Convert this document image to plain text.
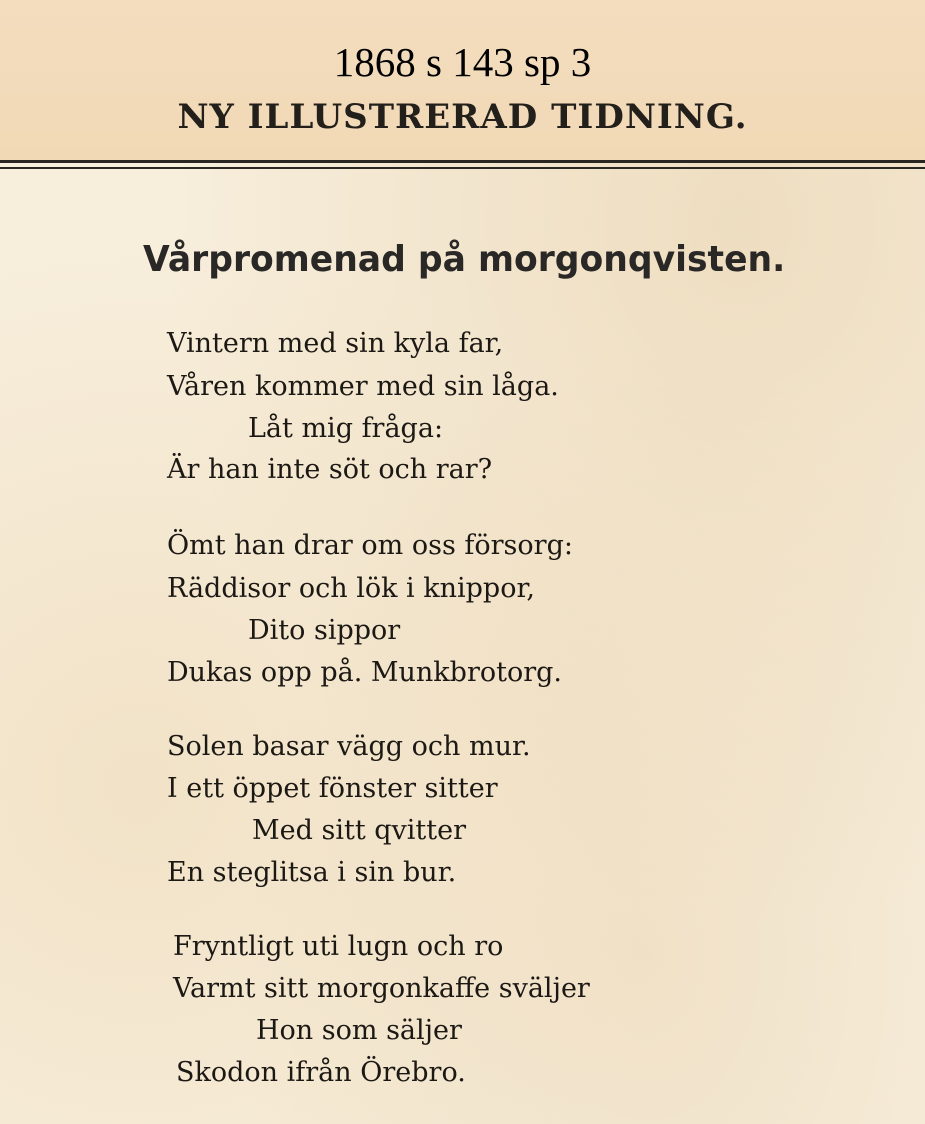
1868 s 143 sp 3
NY ILLUSTRERAD TIDNING.
Vårpromenad på morgonqvisten.
Vintern med sin kyla far,
Våren kommer med sin låga.
Låt mig fråga:
Är han inte söt och rar?
Ömt han drar om oss försorg:
Räddisor och lök i knippor,
Dito sippor
Dukas opp på. Munkbrotorg.
Solen basar vägg och mur.
I ett öppet fönster sitter
Med sitt qvitter
En steglitsa i sin bur.
Fryntligt uti lugn och ro
Varmt sitt morgonkaffe sväljer
Hon som säljer
Skodon ifrån Örebro.
